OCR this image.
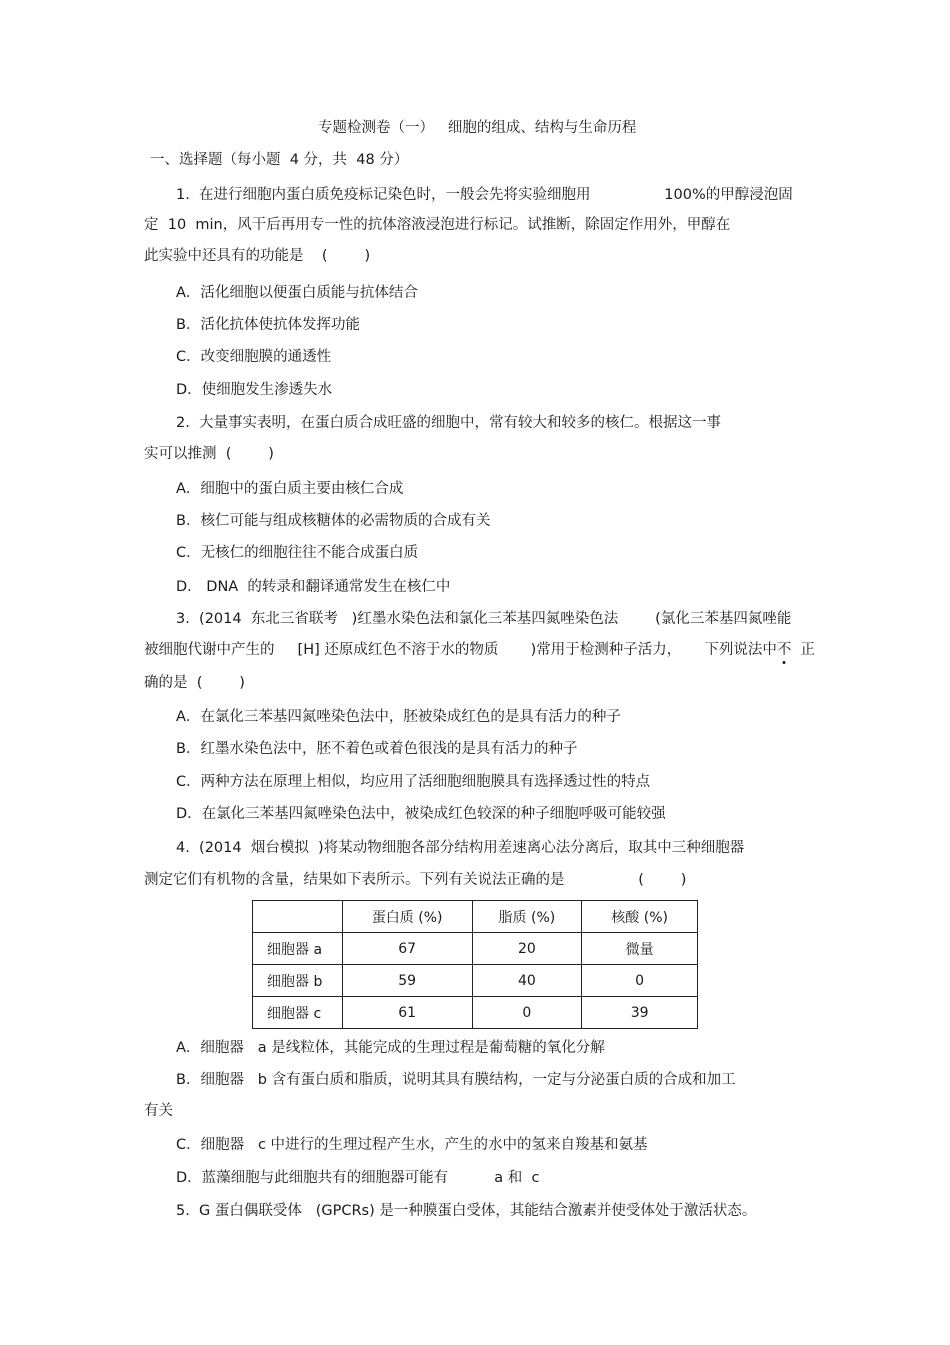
专题检测卷（一）   细胞的组成、结构与生命历程
一、选择题（每小题  4 分，共  48 分）
1.  在进行细胞内蛋白质免疫标记染色时，一般会先将实验细胞用                100%的甲醇浸泡固
定  10  min，风干后再用专一性的抗体溶液浸泡进行标记。试推断，除固定作用外，甲醇在
此实验中还具有的功能是    (        )
A．活化细胞以便蛋白质能与抗体结合
B．活化抗体使抗体发挥功能
C．改变细胞膜的通透性
D．使细胞发生渗透失水
2.  大量事实表明，在蛋白质合成旺盛的细胞中，常有较大和较多的核仁。根据这一事
实可以推测  (        )
A．细胞中的蛋白质主要由核仁合成
B．核仁可能与组成核糖体的必需物质的合成有关
C．无核仁的细胞往往不能合成蛋白质
D． DNA  的转录和翻译通常发生在核仁中
3.  (2014  东北三省联考   )红墨水染色法和氯化三苯基四氮唑染色法        (氯化三苯基四氮唑能
被细胞代谢中产生的     [H] 还原成红色不溶于水的物质       )常用于检测种子活力，     下列说法中不  正
确的是  (        )
A．在氯化三苯基四氮唑染色法中，胚被染成红色的是具有活力的种子
B．红墨水染色法中，胚不着色或着色很浅的是具有活力的种子
C．两种方法在原理上相似，均应用了活细胞细胞膜具有选择透过性的特点
D．在氯化三苯基四氮唑染色法中，被染成红色较深的种子细胞呼吸可能较强
4.  (2014  烟台模拟  )将某动物细胞各部分结构用差速离心法分离后，取其中三种细胞器
测定它们有机物的含量，结果如下表所示。下列有关说法正确的是                (        )
	蛋白质 (%)	脂质 (%)	核酸 (%)
细胞器 a	67	20	微量
细胞器 b	59	40	0
细胞器 c	61	0	39
A．细胞器   a 是线粒体，其能完成的生理过程是葡萄糖的氧化分解
B．细胞器   b 含有蛋白质和脂质，说明其具有膜结构，一定与分泌蛋白质的合成和加工
有关
C．细胞器   c 中进行的生理过程产生水，产生的水中的氢来自羧基和氨基
D．蓝藻细胞与此细胞共有的细胞器可能有          a 和  c
5.  G 蛋白偶联受体   (GPCRs) 是一种膜蛋白受体，其能结合激素并使受体处于激活状态。
